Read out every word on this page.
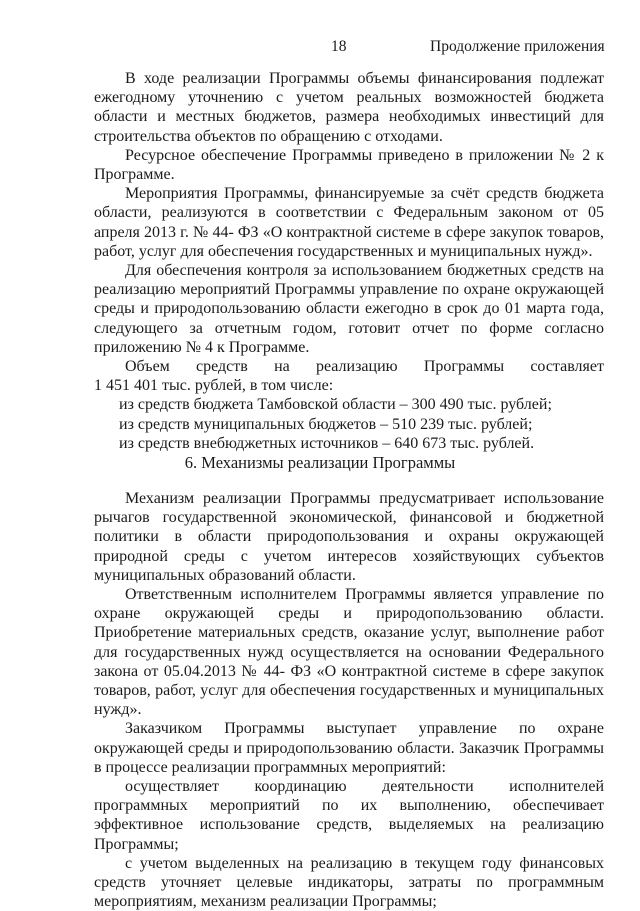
18	Продолжение приложения

В ходе реализации Программы объемы финансирования подлежат ежегодному уточнению с учетом реальных возможностей бюджета области и местных бюджетов, размера необходимых инвестиций для строительства объектов по обращению с отходами.

Ресурсное обеспечение Программы приведено в приложении № 2 к Программе.

Мероприятия Программы, финансируемые за счёт средств бюджета области, реализуются в соответствии с Федеральным законом от 05 апреля 2013 г. № 44- ФЗ «О контрактной системе в сфере закупок товаров, работ, услуг для обеспечения государственных и муниципальных нужд».

Для обеспечения контроля за использованием бюджетных средств на реализацию мероприятий Программы управление по охране окружающей среды и природопользованию области ежегодно в срок до 01 марта года, следующего за отчетным годом, готовит отчет по форме согласно приложению № 4 к Программе.

Объем средств на реализацию Программы составляет

1 451 401 тыс. рублей, в том числе:

из средств бюджета Тамбовской области – 300 490 тыс. рублей;

из средств муниципальных бюджетов – 510 239 тыс. рублей;

из средств внебюджетных источников – 640 673 тыс. рублей.

6. Механизмы реализации Программы

Механизм реализации Программы предусматривает использование рычагов государственной экономической, финансовой и бюджетной политики в области природопользования и охраны окружающей природной среды с учетом интересов хозяйствующих субъектов муниципальных образований области.

Ответственным исполнителем Программы является управление по охране окружающей среды и природопользованию области. Приобретение материальных средств, оказание услуг, выполнение работ для государственных нужд осуществляется на основании Федерального закона от 05.04.2013 № 44- ФЗ «О контрактной системе в сфере закупок товаров, работ, услуг для обеспечения государственных и муниципальных нужд».

Заказчиком Программы выступает управление по охране окружающей среды и природопользованию области. Заказчик Программы в процессе реализации программных мероприятий:

осуществляет координацию деятельности исполнителей программных мероприятий по их выполнению, обеспечивает эффективное использование средств, выделяемых на реализацию Программы;

с учетом выделенных на реализацию в текущем году финансовых средств уточняет целевые индикаторы, затраты по программным мероприятиям, механизм реализации Программы;
